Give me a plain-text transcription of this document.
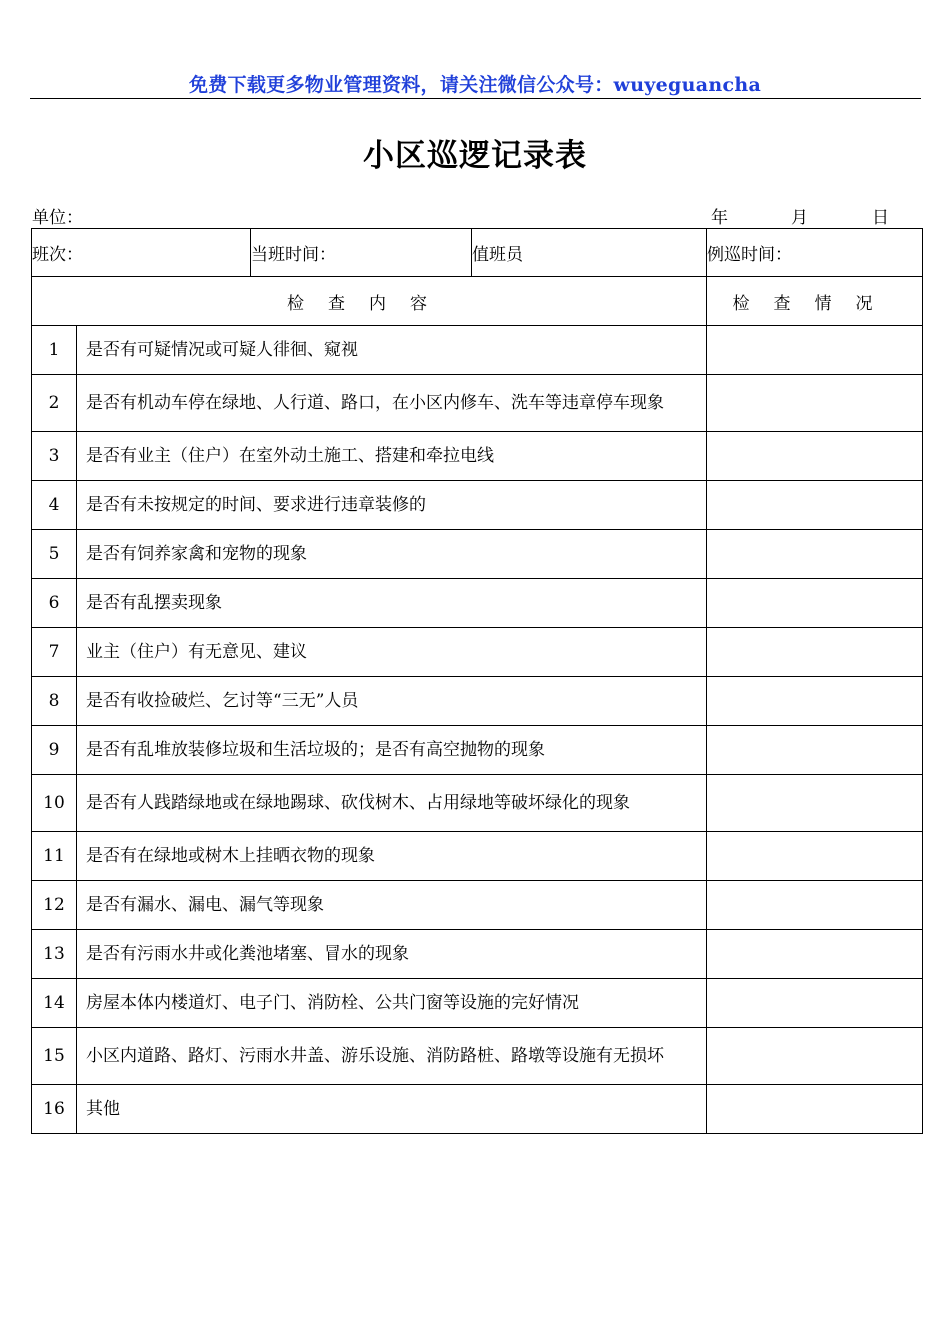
免费下载更多物业管理资料，请关注微信公众号：wuyeguancha
小区巡逻记录表
单位：	年	月	日
班次：		当班时间：	值班员	例巡时间：
检查内容				检查情况
1	是否有可疑情况或可疑人徘徊、窥视			
2	是否有机动车停在绿地、人行道、路口，在小区内修车、洗车等违章停车现象			
3	是否有业主（住户）在室外动土施工、搭建和牵拉电线			
4	是否有未按规定的时间、要求进行违章装修的			
5	是否有饲养家禽和宠物的现象			
6	是否有乱摆卖现象			
7	业主（住户）有无意见、建议			
8	是否有收捡破烂、乞讨等“三无”人员			
9	是否有乱堆放装修垃圾和生活垃圾的；是否有高空抛物的现象			
10	是否有人践踏绿地或在绿地踢球、砍伐树木、占用绿地等破坏绿化的现象			
11	是否有在绿地或树木上挂晒衣物的现象			
12	是否有漏水、漏电、漏气等现象			
13	是否有污雨水井或化粪池堵塞、冒水的现象			
14	房屋本体内楼道灯、电子门、消防栓、公共门窗等设施的完好情况			
15	小区内道路、路灯、污雨水井盖、游乐设施、消防路桩、路墩等设施有无损坏			
16	其他			
